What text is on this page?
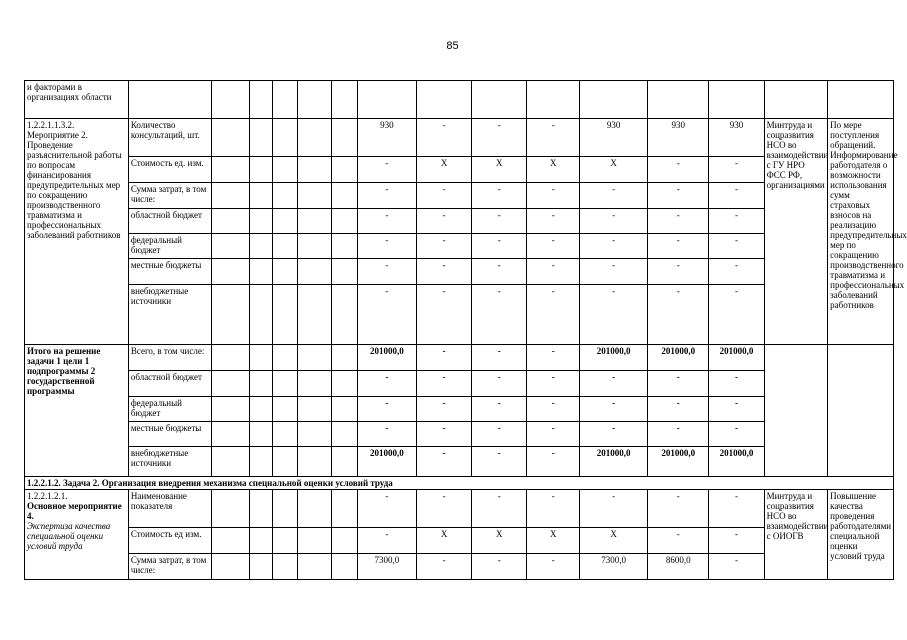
85
и факторами в организациях области															
1.2.2.1.1.3.2. Мероприятие 2. Проведение разъяснительной работы по вопросам финансирования предупредительных мер по сокращению производственного травматизма и профессиональных заболеваний работников	Количество консультаций, шт.						930	-	-	-	930	930	930	Минтруда и соцразвития НСО во взаимодействии с ГУ НРО ФСС РФ, организациями	По мере поступления обращений. Информирование работодателя о возможности использования сумм страховых взносов на реализацию предупредительных мер по сокращению производственного травматизма и профессиональных заболеваний работников
	Стоимость ед. изм.						-	X	X	X	X	-	-		
	Сумма затрат, в том числе:						-	-	-	-	-	-	-		
	областной бюджет						-	-	-	-	-	-	-		
	федеральный бюджет						-	-	-	-	-	-	-		
	местные бюджеты						-	-	-	-	-	-	-		
	внебюджетные источники						-	-	-	-	-	-	-		
Итого на решение задачи 1 цели 1 подпрограммы 2 государственной программы	Всего, в том числе:						201000,0	-	-	-	201000,0	201000,0	201000,0		
	областной бюджет						-	-	-	-	-	-	-		
	федеральный бюджет						-	-	-	-	-	-	-		
	местные бюджеты						-	-	-	-	-	-	-		
	внебюджетные источники						201000,0	-	-	-	201000,0	201000,0	201000,0		
1.2.2.1.2. Задача 2. Организация внедрения механизма специальной оценки условий труда															

1.2.2.1.2.1.
Основное мероприятие 4.
Экспертиза качества специальной оценки условий труда	Наименование показателя						-	-	-	-	-	-	-	Минтруда и соцразвития НСО во взаимодействии с ОИОГВ	Повышение качества проведения работодателями специальной оценки условий труда
	Стоимость ед изм.						-	X	X	X	X	-	-		
	Сумма затрат, в том числе:						7300,0	-	-	-	7300,0	8600,0	-		
